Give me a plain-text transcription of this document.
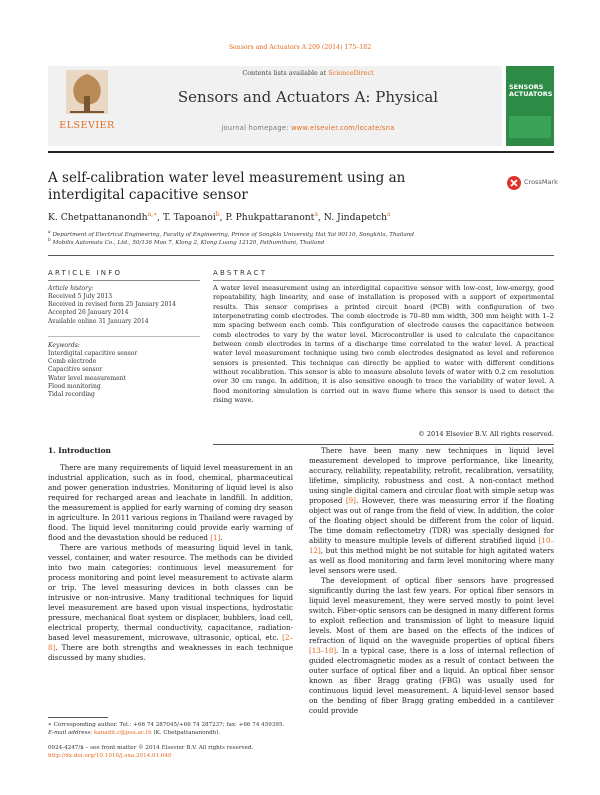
Sensors and Actuators A 209 (2014) 175–182
ELSEVIER
Contents lists available at ScienceDirect
Sensors and Actuators A: Physical
journal homepage: www.elsevier.com/locate/sna
SENSORS
ACTUATORS
A self-calibration water level measurement using an interdigital capacitive sensor
CrossMark
K. Chetpattananondh$^{a,∗}$, T. Tapoanoi$^b$, P. Phukpattaranont$^a$, N. Jindapetch$^a$
$^a$ Department of Electrical Engineering, Faculty of Engineering, Prince of Songkla University, Hat Yai 90110, Songkhla, Thailand
$^b$ Mobilis Automata Co., Ltd., 50/136 Moo 7, Klong 2, Klong Luang 12120, Pathumthani, Thailand
ARTICLE INFO
Article history:
Received 5 July 2013
Received in revised form 25 January 2014
Accepted 26 January 2014
Available online 31 January 2014
Keywords:
Interdigital capacitive sensor
Comb electrode
Capacitive sensor
Water level measurement
Flood monitoring
Tidal recording
ABSTRACT
A water level measurement using an interdigital capacitive sensor with low-cost, low-energy, good repeatability, high linearity, and ease of installation is proposed with a support of experimental results. This sensor comprises a printed circuit board (PCB) with configuration of two interpenetrating comb electrodes. The comb electrode is 70–80 mm width, 300 mm height with 1–2 mm spacing between each comb. This configuration of electrode causes the capacitance between comb electrodes to vary by the water level. Microcontroller is used to calculate the capacitance between comb electrodes in terms of a discharge time correlated to the water level. A practical water level measurement technique using two comb electrodes designated as level and reference sensors is presented. This technique can directly be applied to water with different conditions without recalibration. This sensor is able to measure absolute levels of water with 0.2 cm resolution over 30 cm range. In addition, it is also sensitive enough to trace the variability of water level. A flood monitoring simulation is carried out in wave flume where this sensor is used to detect the rising wave.
© 2014 Elsevier B.V. All rights reserved.
1. Introduction

There are many requirements of liquid level measurement in an industrial application, such as in food, chemical, pharmaceutical and power generation industries. Monitoring of liquid level is also required for recharged areas and leachate in landfill. In addition, the measurement is applied for early warning of coming dry season in agriculture. In 2011 various regions in Thailand were ravaged by flood. The liquid level monitoring could provide early warning of flood and the devastation should be reduced [1].

There are various methods of measuring liquid level in tank, vessel, container, and water resource. The methods can be divided into two main categories: continuous level measurement for process monitoring and point level measurement to activate alarm or trip. The level measuring devices in both classes can be intrusive or non-intrusive. Many traditional techniques for liquid level measurement are based upon visual inspections, hydrostatic pressure, mechanical float system or displacer, bubblers, load cell, electrical property, thermal conductivity, capacitance, radiation-based level measurement, microwave, ultrasonic, optical, etc. [2–8]. There are both strengths and weaknesses in each technique discussed by many studies.

There have been many new techniques in liquid level measurement developed to improve performance, like linearity, accuracy, reliability, repeatability, retrofit, recalibration, versatility, lifetime, simplicity, robustness and cost. A non-contact method using single digital camera and circular float with simple setup was proposed [9]. However, there was measuring error if the floating object was out of range from the field of view. In addition, the color of the floating object should be different from the color of liquid. The time domain reflectometry (TDR) was specially designed for ability to measure multiple levels of different stratified liquid [10–12], but this method might be not suitable for high agitated waters as well as flood monitoring and farm level monitoring where many level sensors were used.

The development of optical fiber sensors have progressed significantly during the last few years. For optical fiber sensors in liquid level measurement, they were served mostly to point level switch. Fiber-optic sensors can be designed in many different forms to exploit reflection and transmission of light to measure liquid levels. Most of them are based on the effects of the indices of refraction of liquid on the waveguide properties of optical fibers [13–18]. In a typical case, there is a loss of internal reflection of guided electromagnetic modes as a result of contact between the outer surface of optical fiber and a liquid. An optical fiber sensor known as fiber Bragg grating (FBG) was usually used for continuous liquid level measurement. A liquid-level sensor based on the bending of fiber Bragg grating embedded in a cantilever could provide

∗ Corresponding author. Tel.: +66 74 287045/+66 74 287237; fax: +66 74 459395.
E-mail address: kanadit.c@psu.ac.th (K. Chetpattananondh).
0924-4247/$ – see front matter © 2014 Elsevier B.V. All rights reserved.
http://dx.doi.org/10.1016/j.sna.2014.01.040
